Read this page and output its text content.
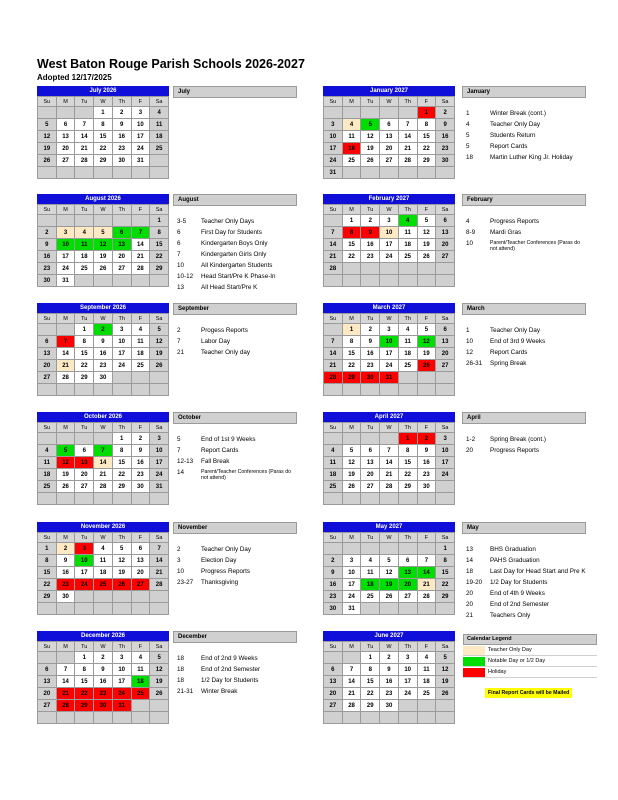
West Baton Rouge Parish Schools 2026-2027
Adopted 12/17/2025
July 2026
Su	M	Tu	W	Th	F	Sa
			1	2	3	4
5	6	7	8	9	10	11
12	13	14	15	16	17	18
19	20	21	22	23	24	25
26	27	28	29	30	31	

January 2027
Su	M	Tu	W	Th	F	Sa
					1	2
3	4	5	6	7	8	9
10	11	12	13	14	15	16
17	18	19	20	21	22	23
24	25	26	27	28	29	30
31						
August 2026
Su	M	Tu	W	Th	F	Sa
						1
2	3	4	5	6	7	8
9	10	11	12	13	14	15
16	17	18	19	20	21	22
23	24	25	26	27	28	29
30	31					
February 2027
Su	M	Tu	W	Th	F	Sa
	1	2	3	4	5	6
7	8	9	10	11	12	13
14	15	16	17	18	19	20
21	22	23	24	25	26	27
28						

September 2026
Su	M	Tu	W	Th	F	Sa
		1	2	3	4	5
6	7	8	9	10	11	12
13	14	15	16	17	18	19
20	21	22	23	24	25	26
27	28	29	30			

March 2027
Su	M	Tu	W	Th	F	Sa
	1	2	3	4	5	6
7	8	9	10	11	12	13
14	15	16	17	18	19	20
21	22	23	24	25	26	27
28	29	30	31			

October 2026
Su	M	Tu	W	Th	F	Sa
				1	2	3
4	5	6	7	8	9	10
11	12	13	14	15	16	17
18	19	20	21	22	23	24
25	26	27	28	29	30	31

April 2027
Su	M	Tu	W	Th	F	Sa
				1	2	3
4	5	6	7	8	9	10
11	12	13	14	15	16	17
18	19	20	21	22	23	24
25	26	27	28	29	30	

November 2026
Su	M	Tu	W	Th	F	Sa
1	2	3	4	5	6	7
8	9	10	11	12	13	14
15	16	17	18	19	20	21
22	23	24	25	26	27	28
29	30					

May 2027
Su	M	Tu	W	Th	F	Sa
						1
2	3	4	5	6	7	8
9	10	11	12	13	14	15
16	17	18	19	20	21	22
23	24	25	26	27	28	29
30	31					
December 2026
Su	M	Tu	W	Th	F	Sa
		1	2	3	4	5
6	7	8	9	10	11	12
13	14	15	16	17	18	19
20	21	22	23	24	25	26
27	28	29	30	31		

June 2027
Su	M	Tu	W	Th	F	Sa
		1	2	3	4	5
6	7	8	9	10	11	12
13	14	15	16	17	18	19
20	21	22	23	24	25	26
27	28	29	30			

July	January
1	Winter Break (cont.)
4	Teacher Only Day
5	Students Return
5	Report Cards
18	Martin Luther King Jr. Holiday
August
3-5	Teacher Only Days
6	First Day for Students
6	Kindergarten Boys Only
7	Kindergarten Girls Only
10	All Kindergarten Students
10-12	Head Start/Pre K Phase-In
13	All Head Start/Pre K
February
4	Progress Reports
8-9	Mardi Gras
10	Parent/Teacher Conferences (Paras do not attend)
September
2	Progess Reports
7	Labor Day
21	Teacher Only day
March
1	Teacher Only Day
10	End of 3rd 9 Weeks
12	Report Cards
26-31	Spring Break
October
5	End of 1st 9 Weeks
7	Report Cards
12-13	Fall Break
14	Parent/Teacher Conferences (Paras do not attend)
April
1-2	Spring Break (cont.)
20	Progress Reports
November
2	Teacher Only Day
3	Election Day
10	Progress Reports
23-27	Thanksgiving
May
13	BHS Graduation
14	PAHS Graduation
18	Last Day for Head Start and Pre K
19-20	1/2 Day for Students
20	End of 4th 9 Weeks
20	End of 2nd Semester
21	Teachers Only
December
18	End of 2nd 9 Weeks
18	End of 2nd Semester
18	1/2 Day for Students
21-31	Winter Break
Calendar Legend
Teacher Only Day
Notable Day or 1/2 Day
Holiday
Final Report Cards will be Mailed
